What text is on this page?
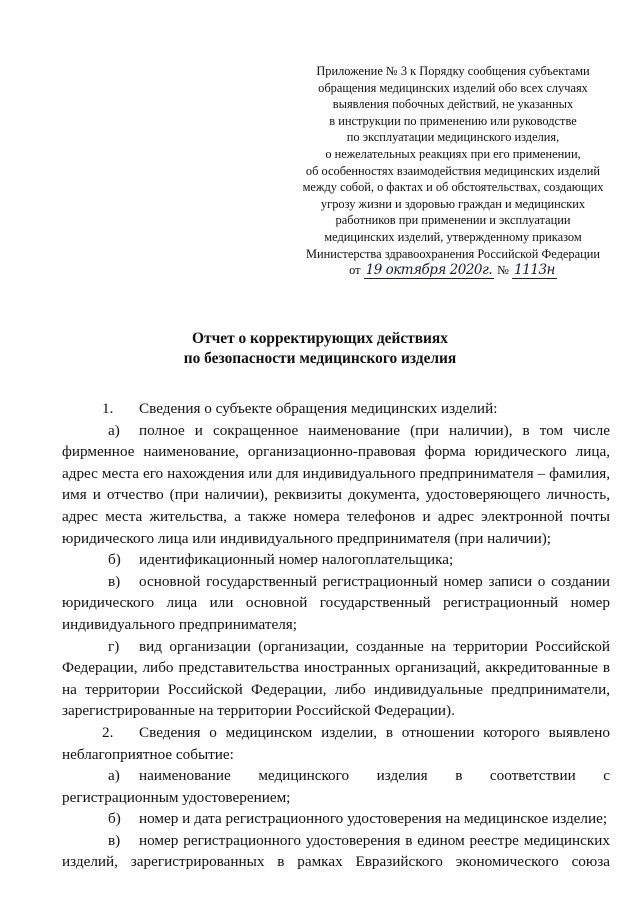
Приложение № 3 к Порядку сообщения субъектами
обращения медицинских изделий обо всех случаях
выявления побочных действий, не указанных
в инструкции по применению или руководстве
по эксплуатации медицинского изделия,
о нежелательных реакциях при его применении,
об особенностях взаимодействия медицинских изделий
между собой, о фактах и об обстоятельствах, создающих
угрозу жизни и здоровью граждан и медицинских
работников при применении и эксплуатации
медицинских изделий, утвержденному приказом
Министерства здравоохранения Российской Федерации
от 19 октября 2020г. № 1113н
Отчет о корректирующих действиях
по безопасности медицинского изделия

1. Сведения о субъекте обращения медицинских изделий:

а) полное и сокращенное наименование (при наличии), в том числе фирменное наименование, организационно-правовая форма юридического лица, адрес места его нахождения или для индивидуального предпринимателя – фамилия, имя и отчество (при наличии), реквизиты документа, удостоверяющего личность, адрес места жительства, а также номера телефонов и адрес электронной почты юридического лица или индивидуального предпринимателя (при наличии);

б) идентификационный номер налогоплательщика;

в) основной государственный регистрационный номер записи о создании юридического лица или основной государственный регистрационный номер индивидуального предпринимателя;

г) вид организации (организации, созданные на территории Российской Федерации, либо представительства иностранных организаций, аккредитованные в на территории Российской Федерации, либо индивидуальные предприниматели, зарегистрированные на территории Российской Федерации).

2. Сведения о медицинском изделии, в отношении которого выявлено неблагоприятное событие:

а) наименование медицинского изделия в соответствии с регистрационным удостоверением;

б) номер и дата регистрационного удостоверения на медицинское изделие;

в) номер регистрационного удостоверения в едином реестре медицинских изделий, зарегистрированных в рамках Евразийского экономического союза
